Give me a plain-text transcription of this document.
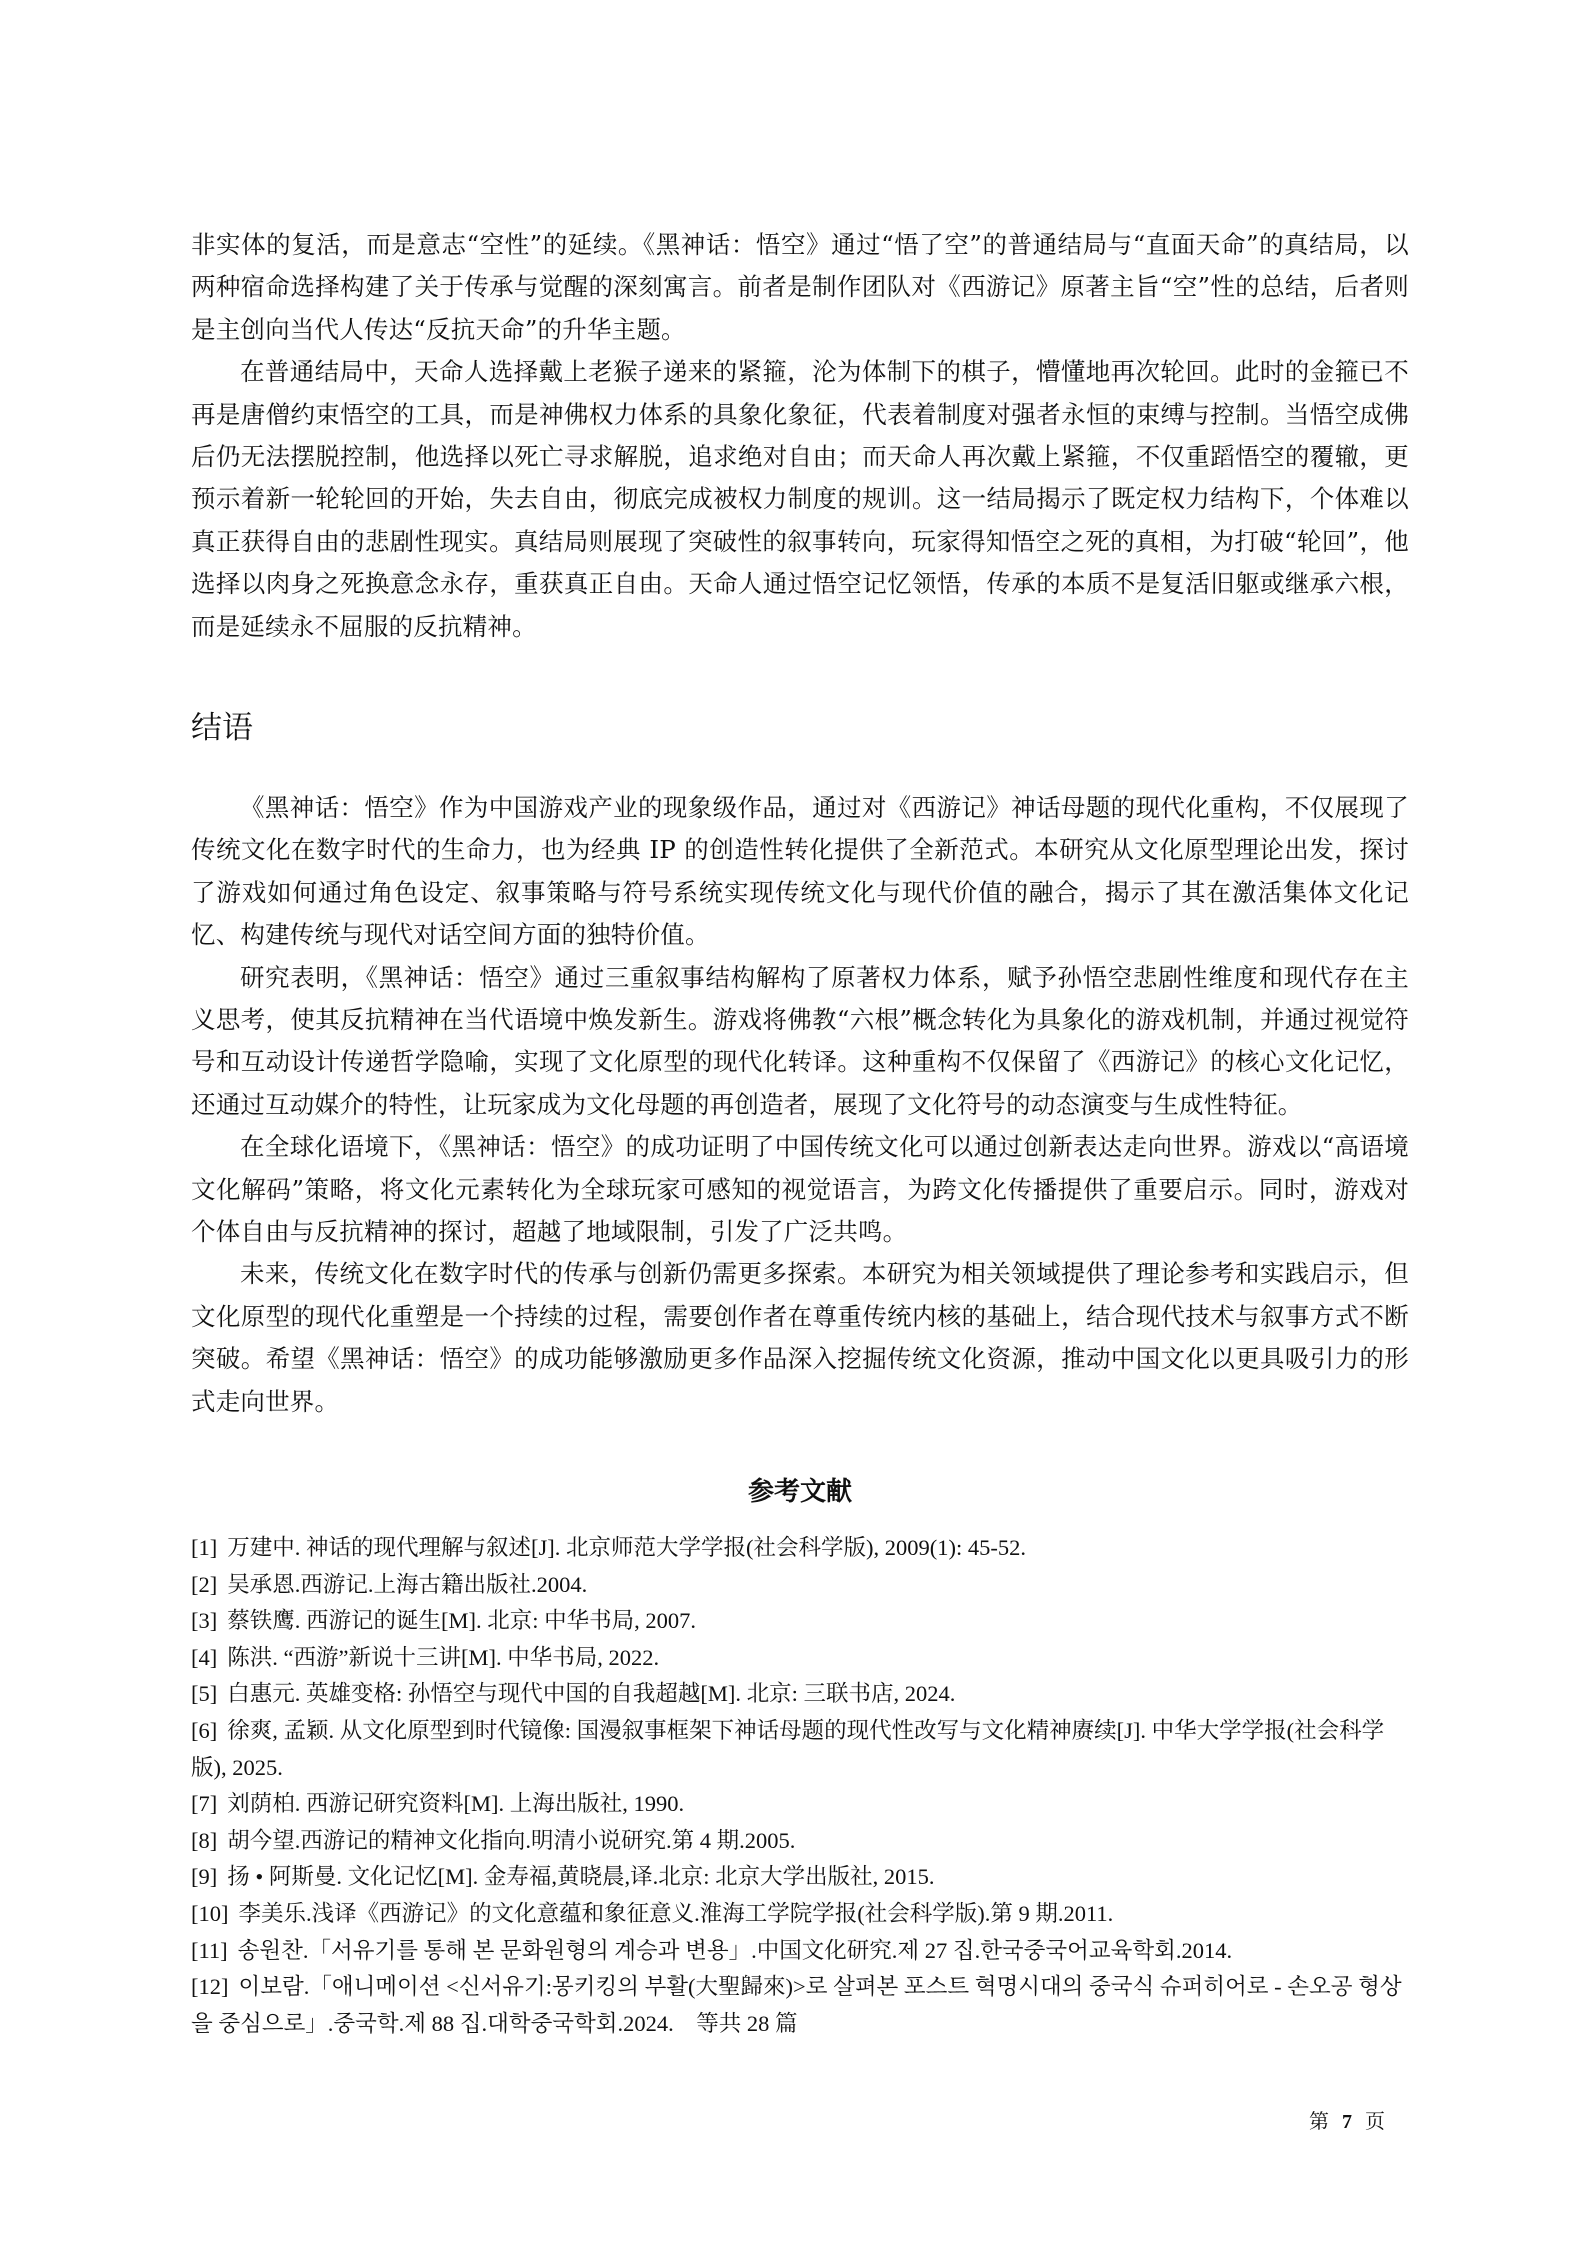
非实体的复活，而是意志“空性”的延续。《黑神话：悟空》通过“悟了空”的普通结局与“直面天命”的真结局，以两种宿命选择构建了关于传承与觉醒的深刻寓言。前者是制作团队对《西游记》原著主旨“空”性的总结，后者则是主创向当代人传达“反抗天命”的升华主题。

在普通结局中，天命人选择戴上老猴子递来的紧箍，沦为体制下的棋子，懵懂地再次轮回。此时的金箍已不再是唐僧约束悟空的工具，而是神佛权力体系的具象化象征，代表着制度对强者永恒的束缚与控制。当悟空成佛后仍无法摆脱控制，他选择以死亡寻求解脱，追求绝对自由；而天命人再次戴上紧箍，不仅重蹈悟空的覆辙，更预示着新一轮轮回的开始，失去自由，彻底完成被权力制度的规训。这一结局揭示了既定权力结构下，个体难以真正获得自由的悲剧性现实。真结局则展现了突破性的叙事转向，玩家得知悟空之死的真相，为打破“轮回”，他选择以肉身之死换意念永存，重获真正自由。天命人通过悟空记忆领悟，传承的本质不是复活旧躯或继承六根，而是延续永不屈服的反抗精神。

结语

《黑神话：悟空》作为中国游戏产业的现象级作品，通过对《西游记》神话母题的现代化重构，不仅展现了传统文化在数字时代的生命力，也为经典 IP 的创造性转化提供了全新范式。本研究从文化原型理论出发，探讨了游戏如何通过角色设定、叙事策略与符号系统实现传统文化与现代价值的融合，揭示了其在激活集体文化记忆、构建传统与现代对话空间方面的独特价值。

研究表明，《黑神话：悟空》通过三重叙事结构解构了原著权力体系，赋予孙悟空悲剧性维度和现代存在主义思考，使其反抗精神在当代语境中焕发新生。游戏将佛教“六根”概念转化为具象化的游戏机制，并通过视觉符号和互动设计传递哲学隐喻，实现了文化原型的现代化转译。这种重构不仅保留了《西游记》的核心文化记忆，还通过互动媒介的特性，让玩家成为文化母题的再创造者，展现了文化符号的动态演变与生成性特征。

在全球化语境下，《黑神话：悟空》的成功证明了中国传统文化可以通过创新表达走向世界。游戏以“高语境文化解码”策略，将文化元素转化为全球玩家可感知的视觉语言，为跨文化传播提供了重要启示。同时，游戏对个体自由与反抗精神的探讨，超越了地域限制，引发了广泛共鸣。

未来，传统文化在数字时代的传承与创新仍需更多探索。本研究为相关领域提供了理论参考和实践启示，但文化原型的现代化重塑是一个持续的过程，需要创作者在尊重传统内核的基础上，结合现代技术与叙事方式不断突破。希望《黑神话：悟空》的成功能够激励更多作品深入挖掘传统文化资源，推动中国文化以更具吸引力的形式走向世界。

参考文献

[1] 万建中. 神话的现代理解与叙述[J]. 北京师范大学学报(社会科学版), 2009(1): 45-52.

[2] 吴承恩.西游记.上海古籍出版社.2004.

[3] 蔡铁鹰. 西游记的诞生[M]. 北京: 中华书局, 2007.

[4] 陈洪. “西游”新说十三讲[M]. 中华书局, 2022.

[5] 白惠元. 英雄变格: 孙悟空与现代中国的自我超越[M]. 北京: 三联书店, 2024.

[6] 徐爽, 孟颖. 从文化原型到时代镜像: 国漫叙事框架下神话母题的现代性改写与文化精神赓续[J]. 中华大学学报(社会科学版), 2025.

[7] 刘荫柏. 西游记研究资料[M]. 上海出版社, 1990.

[8] 胡今望.西游记的精神文化指向.明清小说研究.第 4 期.2005.

[9] 扬 • 阿斯曼. 文化记忆[M]. 金寿福,黄晓晨,译.北京: 北京大学出版社, 2015.

[10] 李美乐.浅译《西游记》的文化意蕴和象征意义.淮海工学院学报(社会科学版).第 9 期.2011.

[11] 송원찬.「서유기를 통해 본 문화원형의 계승과 변용」.中国文化研究.제 27 집.한국중국어교육학회.2014.

[12] 이보람.「애니메이션 <신서유기:몽키킹의 부활(大聖歸來)>로 살펴본 포스트 혁명시대의 중국식 슈퍼히어로 - 손오공 형상을 중심으로」.중국학.제 88 집.대학중국학회.2024.　等共 28 篇

第 7 页
